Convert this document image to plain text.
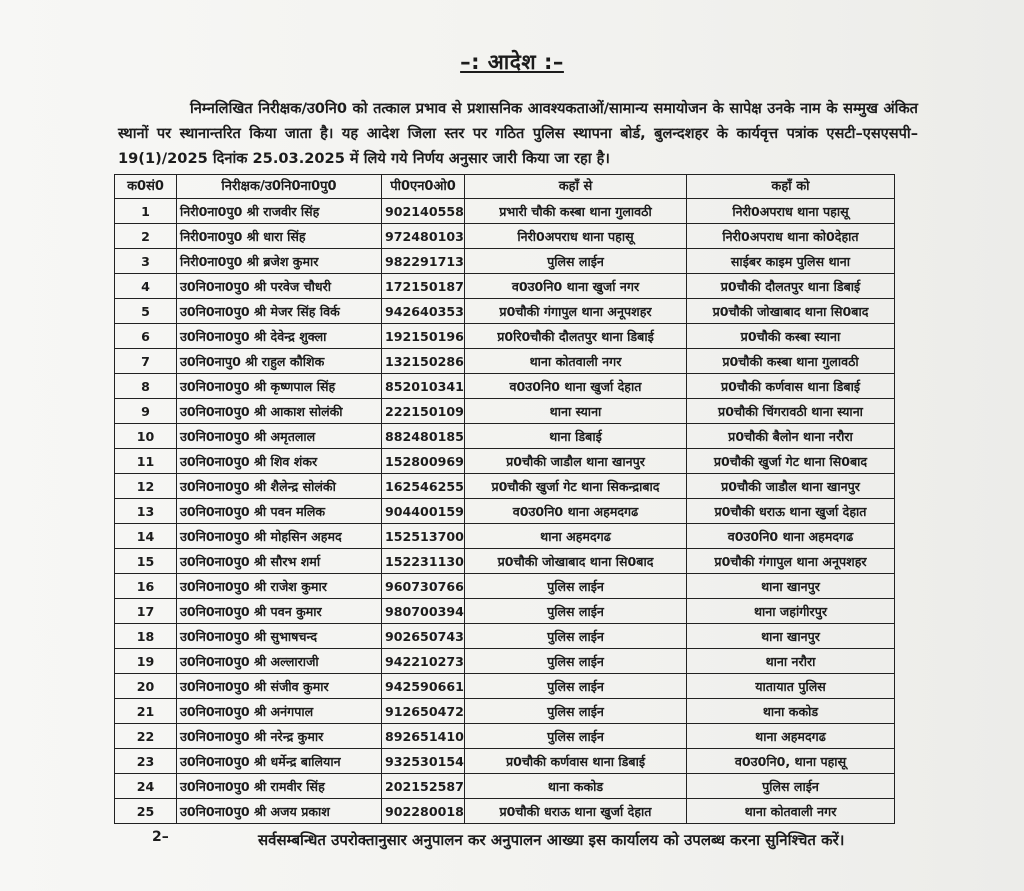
–: आदेश :–
निम्नलिखित निरीक्षक/उ0नि0 को तत्काल प्रभाव से प्रशासनिक आवश्यकताओं/सामान्य समायोजन के सापेक्ष उनके नाम के सम्मुख अंकित स्थानों पर स्थानान्तरित किया जाता है। यह आदेश जिला स्तर पर गठित पुलिस स्थापना बोर्ड, बुलन्दशहर के कार्यवृत्त पत्रांक एसटी–एसएसपी–19(1)/2025 दिनांक 25.03.2025 में लिये गये निर्णय अनुसार जारी किया जा रहा है।
क0सं0	निरीक्षक/उ0नि0ना0पु0	पी0एन0ओ0	कहाँ से	कहाँ को
1	निरी0ना0पु0 श्री राजवीर सिंह	902140558	प्रभारी चौकी कस्बा थाना गुलावठी	निरी0अपराध थाना पहासू
2	निरी0ना0पु0 श्री धारा सिंह	972480103	निरी0अपराध थाना पहासू	निरी0अपराध थाना को0देहात
3	निरी0ना0पु0 श्री ब्रजेश कुमार	982291713	पुलिस लाईन	साईबर काइम पुलिस थाना
4	उ0नि0ना0पु0 श्री परवेज चौधरी	172150187	व0उ0नि0 थाना खुर्जा नगर	प्र0चौकी दौलतपुर थाना डिबाई
5	उ0नि0ना0पु0 श्री मेजर सिंह विर्क	942640353	प्र0चौकी गंगापुल थाना अनूपशहर	प्र0चौकी जोखाबाद थाना सि0बाद
6	उ0नि0ना0पु0 श्री देवेन्द्र शुक्ला	192150196	प्र0रि0चौकी दौलतपुर थाना डिबाई	प्र0चौकी कस्बा स्याना
7	उ0नि0नापु0 श्री राहुल कौशिक	132150286	थाना कोतवाली नगर	प्र0चौकी कस्बा थाना गुलावठी
8	उ0नि0ना0पु0 श्री कृष्णपाल सिंह	852010341	व0उ0नि0 थाना खुर्जा देहात	प्र0चौकी कर्णवास थाना डिबाई
9	उ0नि0ना0पु0 श्री आकाश सोलंकी	222150109	थाना स्याना	प्र0चौकी चिंगरावठी थाना स्याना
10	उ0नि0ना0पु0 श्री अमृतलाल	882480185	थाना डिबाई	प्र0चौकी बैलोन थाना नरौरा
11	उ0नि0ना0पु0 श्री शिव शंकर	152800969	प्र0चौकी जाडौल थाना खानपुर	प्र0चौकी खुर्जा गेट थाना सि0बाद
12	उ0नि0ना0पु0 श्री शैलेन्द्र सोलंकी	162546255	प्र0चौकी खुर्जा गेट थाना सिकन्द्राबाद	प्र0चौकी जाडौल थाना खानपुर
13	उ0नि0ना0पु0 श्री पवन मलिक	904400159	व0उ0नि0 थाना अहमदगढ	प्र0चौकी धराऊ थाना खुर्जा देहात
14	उ0नि0ना0पु0 श्री मोहसिन अहमद	152513700	थाना अहमदगढ	व0उ0नि0 थाना अहमदगढ
15	उ0नि0ना0पु0 श्री सौरभ शर्मा	152231130	प्र0चौकी जोखाबाद थाना सि0बाद	प्र0चौकी गंगापुल थाना अनूपशहर
16	उ0नि0ना0पु0 श्री राजेश कुमार	960730766	पुलिस लाईन	थाना खानपुर
17	उ0नि0ना0पु0 श्री पवन कुमार	980700394	पुलिस लाईन	थाना जहांगीरपुर
18	उ0नि0ना0पु0 श्री सुभाषचन्द	902650743	पुलिस लाईन	थाना खानपुर
19	उ0नि0ना0पु0 श्री अल्लाराजी	942210273	पुलिस लाईन	थाना नरौरा
20	उ0नि0ना0पु0 श्री संजीव कुमार	942590661	पुलिस लाईन	यातायात पुलिस
21	उ0नि0ना0पु0 श्री अनंगपाल	912650472	पुलिस लाईन	थाना ककोड
22	उ0नि0ना0पु0 श्री नरेन्द्र कुमार	892651410	पुलिस लाईन	थाना अहमदगढ
23	उ0नि0ना0पु0 श्री धर्मेन्द्र बालियान	932530154	प्र0चौकी कर्णवास थाना डिबाई	व0उ0नि0, थाना पहासू
24	उ0नि0ना0पु0 श्री रामवीर सिंह	202152587	थाना ककोड	पुलिस लाईन
25	उ0नि0ना0पु0 श्री अजय प्रकाश	902280018	प्र0चौकी धराऊ थाना खुर्जा देहात	थाना कोतवाली नगर
2–	सर्वसम्बन्धित उपरोक्तानुसार अनुपालन कर अनुपालन आख्या इस कार्यालय को उपलब्ध करना सुनिश्चित करें।
